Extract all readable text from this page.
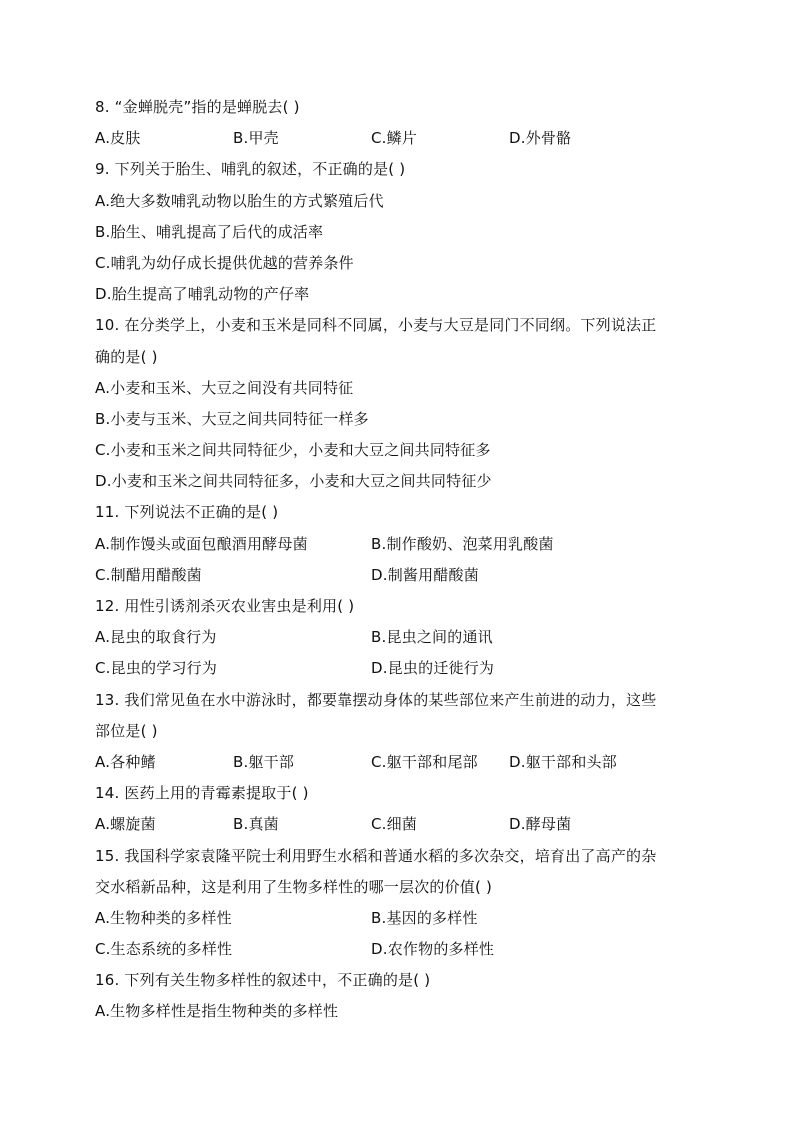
8. “金蝉脱壳”指的是蝉脱去( )
A.皮肤	B.甲壳	C.鳞片	D.外骨骼
9. 下列关于胎生、哺乳的叙述，不正确的是( )
A.绝大多数哺乳动物以胎生的方式繁殖后代
B.胎生、哺乳提高了后代的成活率
C.哺乳为幼仔成长提供优越的营养条件
D.胎生提高了哺乳动物的产仔率
10. 在分类学上，小麦和玉米是同科不同属，小麦与大豆是同门不同纲。下列说法正
确的是( )
A.小麦和玉米、大豆之间没有共同特征
B.小麦与玉米、大豆之间共同特征一样多
C.小麦和玉米之间共同特征少，小麦和大豆之间共同特征多
D.小麦和玉米之间共同特征多，小麦和大豆之间共同特征少
11. 下列说法不正确的是( )
A.制作馒头或面包酿酒用酵母菌	B.制作酸奶、泡菜用乳酸菌
C.制醋用醋酸菌	D.制酱用醋酸菌
12. 用性引诱剂杀灭农业害虫是利用( )
A.昆虫的取食行为	B.昆虫之间的通讯
C.昆虫的学习行为	D.昆虫的迁徙行为
13. 我们常见鱼在水中游泳时，都要靠摆动身体的某些部位来产生前进的动力，这些
部位是( )
A.各种鳍	B.躯干部	C.躯干部和尾部	D.躯干部和头部
14. 医药上用的青霉素提取于( )
A.螺旋菌	B.真菌	C.细菌	D.酵母菌
15. 我国科学家袁隆平院士利用野生水稻和普通水稻的多次杂交，培育出了高产的杂
交水稻新品种，这是利用了生物多样性的哪一层次的价值( )
A.生物种类的多样性	B.基因的多样性
C.生态系统的多样性	D.农作物的多样性
16. 下列有关生物多样性的叙述中，不正确的是( )
A.生物多样性是指生物种类的多样性
